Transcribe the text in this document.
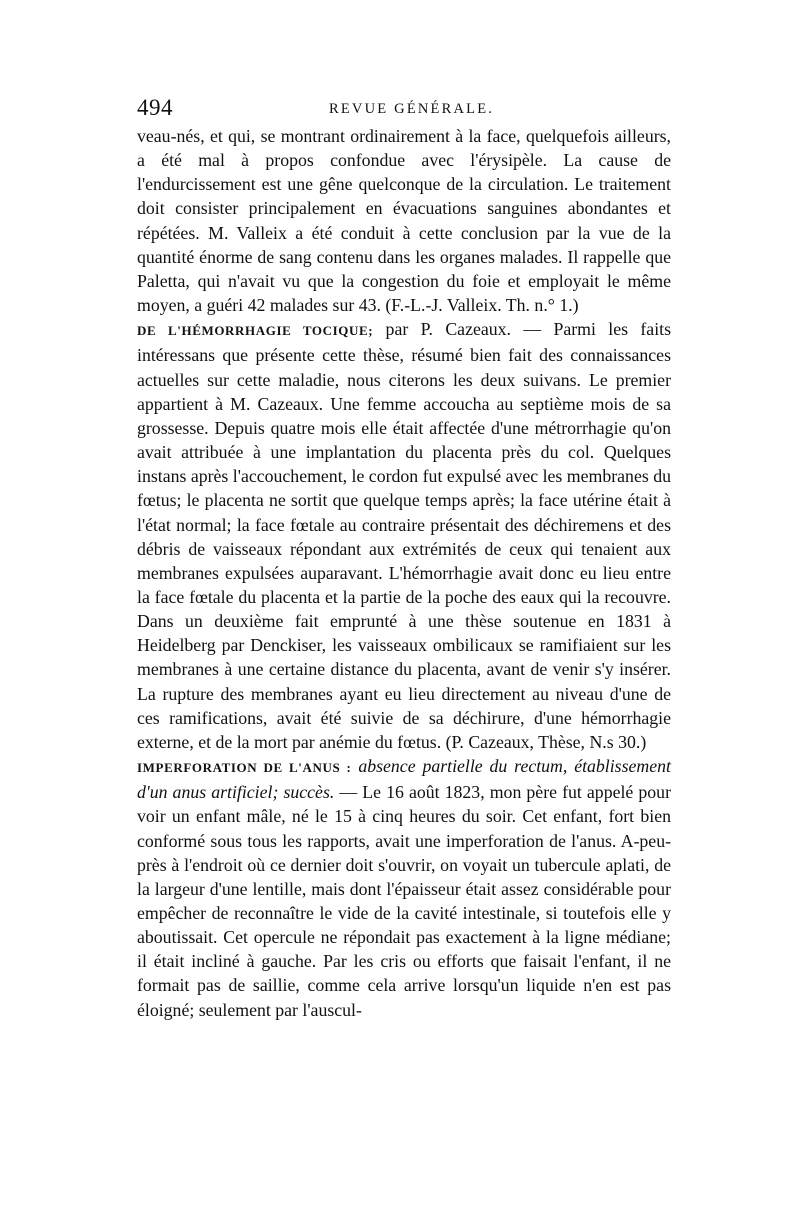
494	REVUE GÉNÉRALE.

veau-nés, et qui, se montrant ordinairement à la face, quelquefois ailleurs, a été mal à propos confondue avec l'érysipèle. La cause de l'endurcissement est une gêne quelconque de la circulation. Le traitement doit consister principalement en évacuations sanguines abondantes et répétées. M. Valleix a été conduit à cette conclusion par la vue de la quantité énorme de sang contenu dans les organes malades. Il rappelle que Paletta, qui n'avait vu que la congestion du foie et employait le même moyen, a guéri 42 malades sur 43. (F.-L.-J. Valleix. Th. n.° 1.)

DE L'HÉMORRHAGIE TOCIQUE; par P. Cazeaux. — Parmi les faits intéressans que présente cette thèse, résumé bien fait des connaissances actuelles sur cette maladie, nous citerons les deux suivans. Le premier appartient à M. Cazeaux. Une femme accoucha au septième mois de sa grossesse. Depuis quatre mois elle était affectée d'une métrorrhagie qu'on avait attribuée à une implantation du placenta près du col. Quelques instans après l'accouchement, le cordon fut expulsé avec les membranes du fœtus; le placenta ne sortit que quelque temps après; la face utérine était à l'état normal; la face fœtale au contraire présentait des déchiremens et des débris de vaisseaux répondant aux extrémités de ceux qui tenaient aux membranes expulsées auparavant. L'hémorrhagie avait donc eu lieu entre la face fœtale du placenta et la partie de la poche des eaux qui la recouvre. Dans un deuxième fait emprunté à une thèse soutenue en 1831 à Heidelberg par Denckiser, les vaisseaux ombilicaux se ramifiaient sur les membranes à une certaine distance du placenta, avant de venir s'y insérer. La rupture des membranes ayant eu lieu directement au niveau d'une de ces ramifications, avait été suivie de sa déchirure, d'une hémorrhagie externe, et de la mort par anémie du fœtus. (P. Cazeaux, Thèse, N.s 30.)

IMPERFORATION DE L'ANUS : absence partielle du rectum, établissement d'un anus artificiel; succès. — Le 16 août 1823, mon père fut appelé pour voir un enfant mâle, né le 15 à cinq heures du soir. Cet enfant, fort bien conformé sous tous les rapports, avait une imperforation de l'anus. A-peu-près à l'endroit où ce dernier doit s'ouvrir, on voyait un tubercule aplati, de la largeur d'une lentille, mais dont l'épaisseur était assez considérable pour empêcher de reconnaître le vide de la cavité intestinale, si toutefois elle y aboutissait. Cet opercule ne répondait pas exactement à la ligne médiane; il était incliné à gauche. Par les cris ou efforts que faisait l'enfant, il ne formait pas de saillie, comme cela arrive lorsqu'un liquide n'en est pas éloigné; seulement par l'auscul-
